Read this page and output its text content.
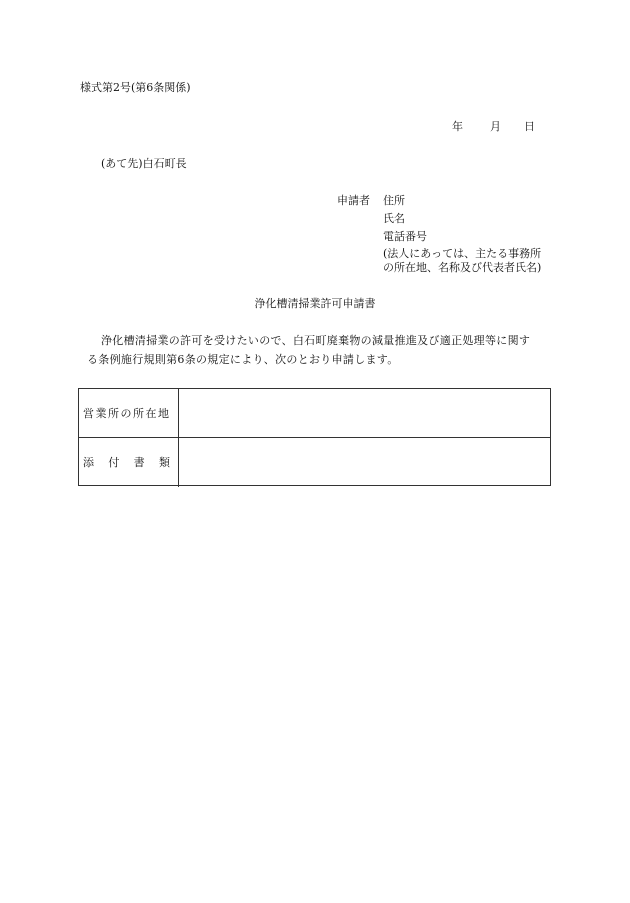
様式第2号(第6条関係)
年 月 日
(あて先)白石町長
申請者 住所
氏名
電話番号
(法人にあっては、主たる事務所
の所在地、名称及び代表者氏名)
浄化槽清掃業許可申請書
浄化槽清掃業の許可を受けたいので、白石町廃棄物の減量推進及び適正処理等に関す
る条例施行規則第6条の規定により、次のとおり申請します。
営業所の所在地
添 付 書 類
